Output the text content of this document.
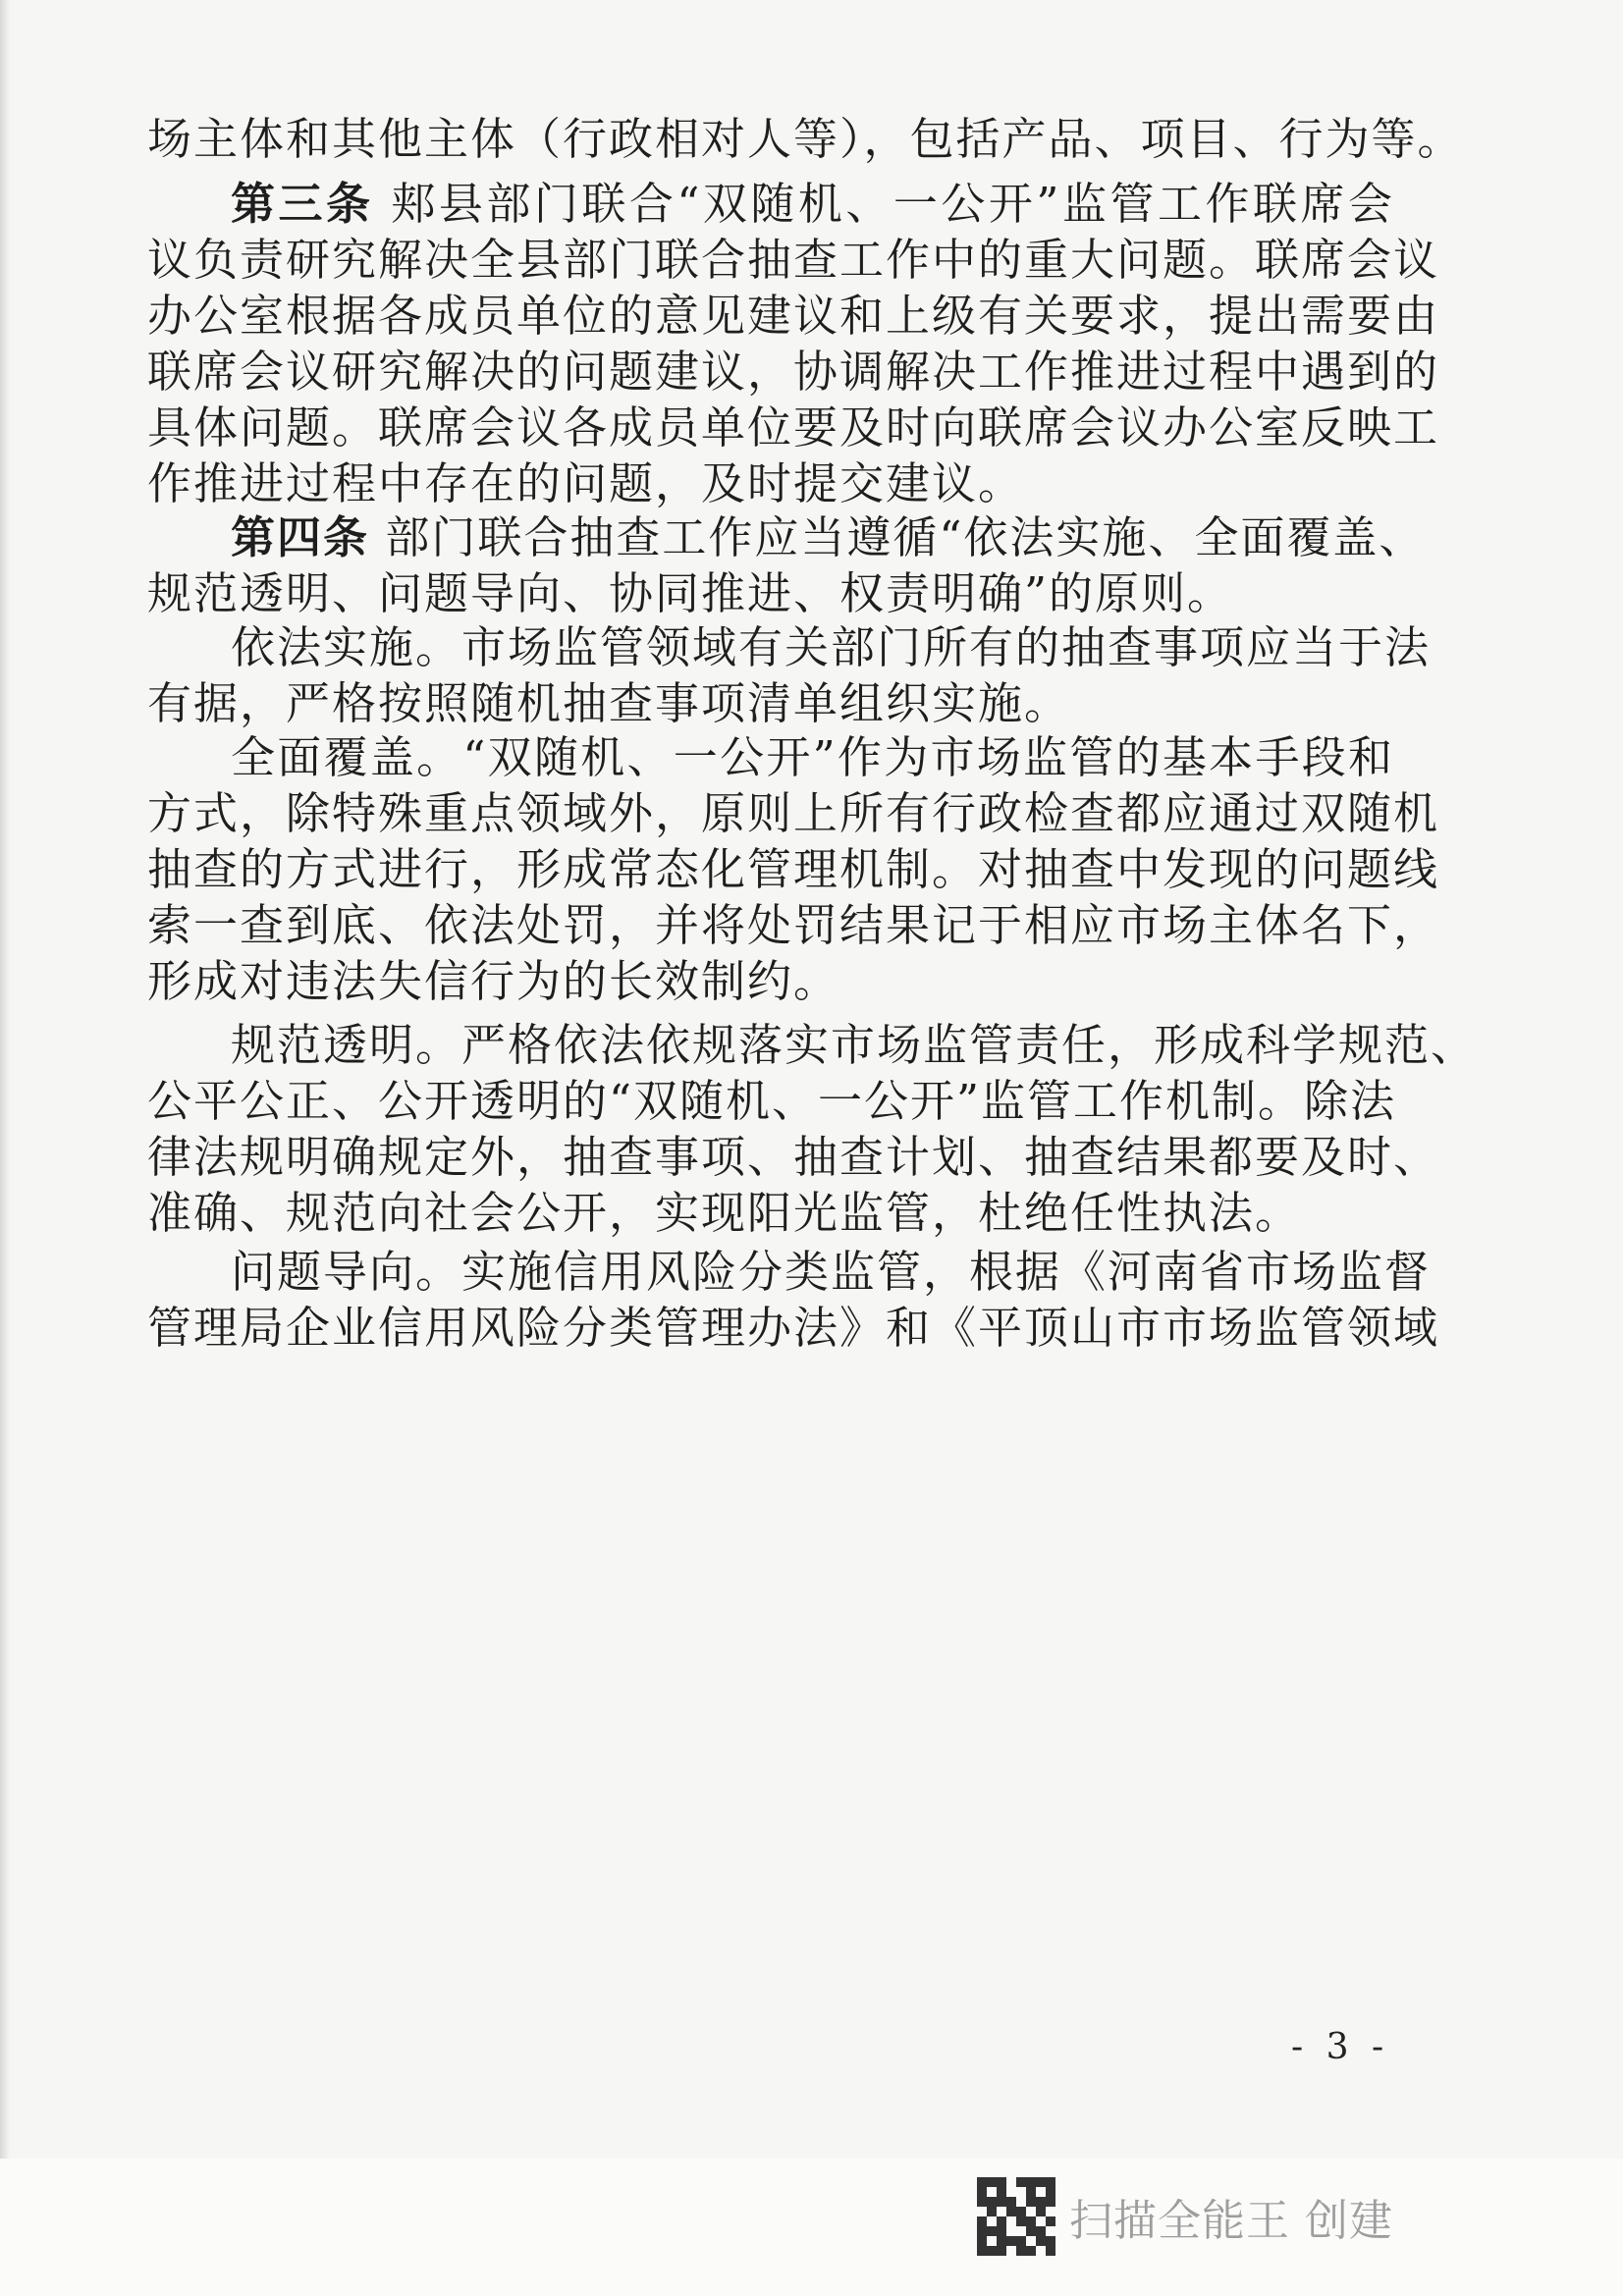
场主体和其他主体（行政相对人等），包括产品、项目、行为等。
第三条 郏县部门联合“双随机、一公开”监管工作联席会
议负责研究解决全县部门联合抽查工作中的重大问题。联席会议
办公室根据各成员单位的意见建议和上级有关要求，提出需要由
联席会议研究解决的问题建议，协调解决工作推进过程中遇到的
具体问题。联席会议各成员单位要及时向联席会议办公室反映工
作推进过程中存在的问题，及时提交建议。
第四条 部门联合抽查工作应当遵循“依法实施、全面覆盖、
规范透明、问题导向、协同推进、权责明确”的原则。
依法实施。市场监管领域有关部门所有的抽查事项应当于法
有据，严格按照随机抽查事项清单组织实施。
全面覆盖。“双随机、一公开”作为市场监管的基本手段和
方式，除特殊重点领域外，原则上所有行政检查都应通过双随机
抽查的方式进行，形成常态化管理机制。对抽查中发现的问题线
索一查到底、依法处罚，并将处罚结果记于相应市场主体名下，
形成对违法失信行为的长效制约。
规范透明。严格依法依规落实市场监管责任，形成科学规范、
公平公正、公开透明的“双随机、一公开”监管工作机制。除法
律法规明确规定外，抽查事项、抽查计划、抽查结果都要及时、
准确、规范向社会公开，实现阳光监管，杜绝任性执法。
问题导向。实施信用风险分类监管，根据《河南省市场监督
管理局企业信用风险分类管理办法》和《平顶山市市场监管领域
- 3 -
扫描全能王 创建
